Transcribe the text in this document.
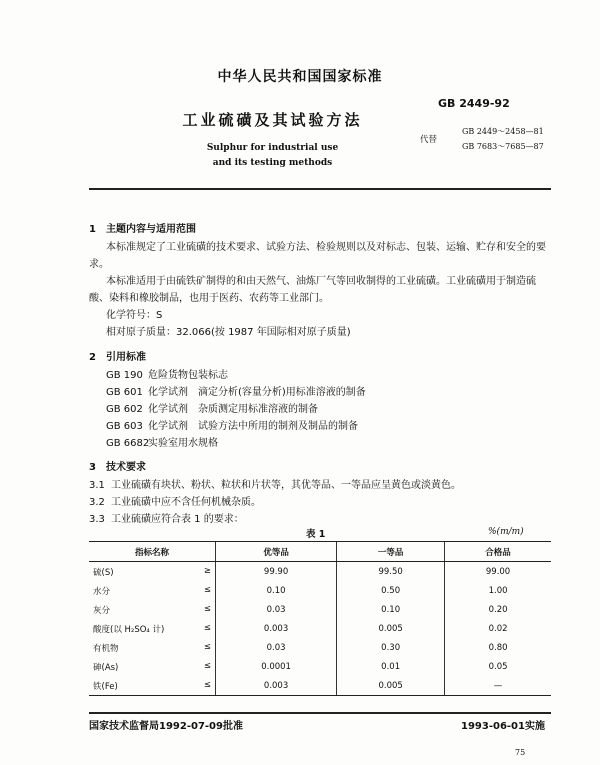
中华人民共和国国家标准
GB 2449-92
工业硫磺及其试验方法
代替
GB 2449～2458—81
GB 7683～7685—87
Sulphur for industrial use
and its testing methods
1　主题内容与适用范围
本标准规定了工业硫磺的技术要求、试验方法、检验规则以及对标志、包装、运输、贮存和安全的要
求。
本标准适用于由硫铁矿制得的和由天然气、油炼厂气等回收制得的工业硫磺。工业硫磺用于制造硫
酸、染料和橡胶制品，也用于医药、农药等工业部门。
化学符号：S
相对原子质量：32.066(按 1987 年国际相对原子质量)
2　引用标准
GB 190 危险货物包装标志
GB 601 化学试剂　滴定分析(容量分析)用标准溶液的制备
GB 602 化学试剂　杂质测定用标准溶液的制备
GB 603 化学试剂　试验方法中所用的制剂及制品的制备
GB 6682实验室用水规格
3　技术要求
3.1 工业硫磺有块状、粉状、粒状和片状等，其优等品、一等品应呈黄色或淡黄色。
3.2 工业硫磺中应不含任何机械杂质。
3.3 工业硫磺应符合表 1 的要求：
表 1	%(m/m)
指标名称	优等品	一等品	合格品
硫(S) ≥	99.90	99.50	99.00
水分 ≤	0.10	0.50	1.00
灰分 ≤	0.03	0.10	0.20
酸度(以 H₂SO₄ 计) ≤	0.003	0.005	0.02
有机物 ≤	0.03	0.30	0.80
砷(As) ≤	0.0001	0.01	0.05
铁(Fe) ≤	0.003	0.005	—
国家技术监督局1992-07-09批准	1993-06-01实施
75
